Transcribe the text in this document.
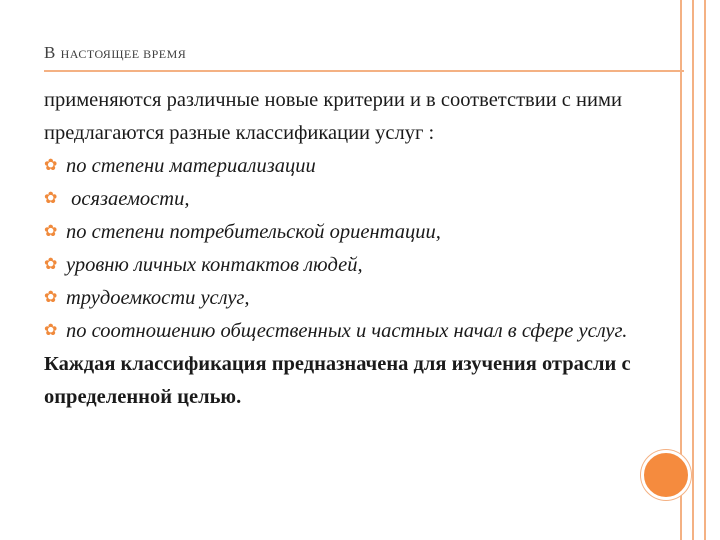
В НАСТОЯЩЕЕ ВРЕМЯ

применяются различные новые критерии и в соответствии с ними предлагаются разные классификации услуг :

✿ по степени материализации
✿ осязаемости,
✿ по степени потребительской ориентации,
✿ уровню личных контактов людей,
✿ трудоемкости услуг,
✿ по соотношению общественных и частных начал в сфере услуг.

Каждая классификация предназначена для изучения отрасли с определенной целью.
